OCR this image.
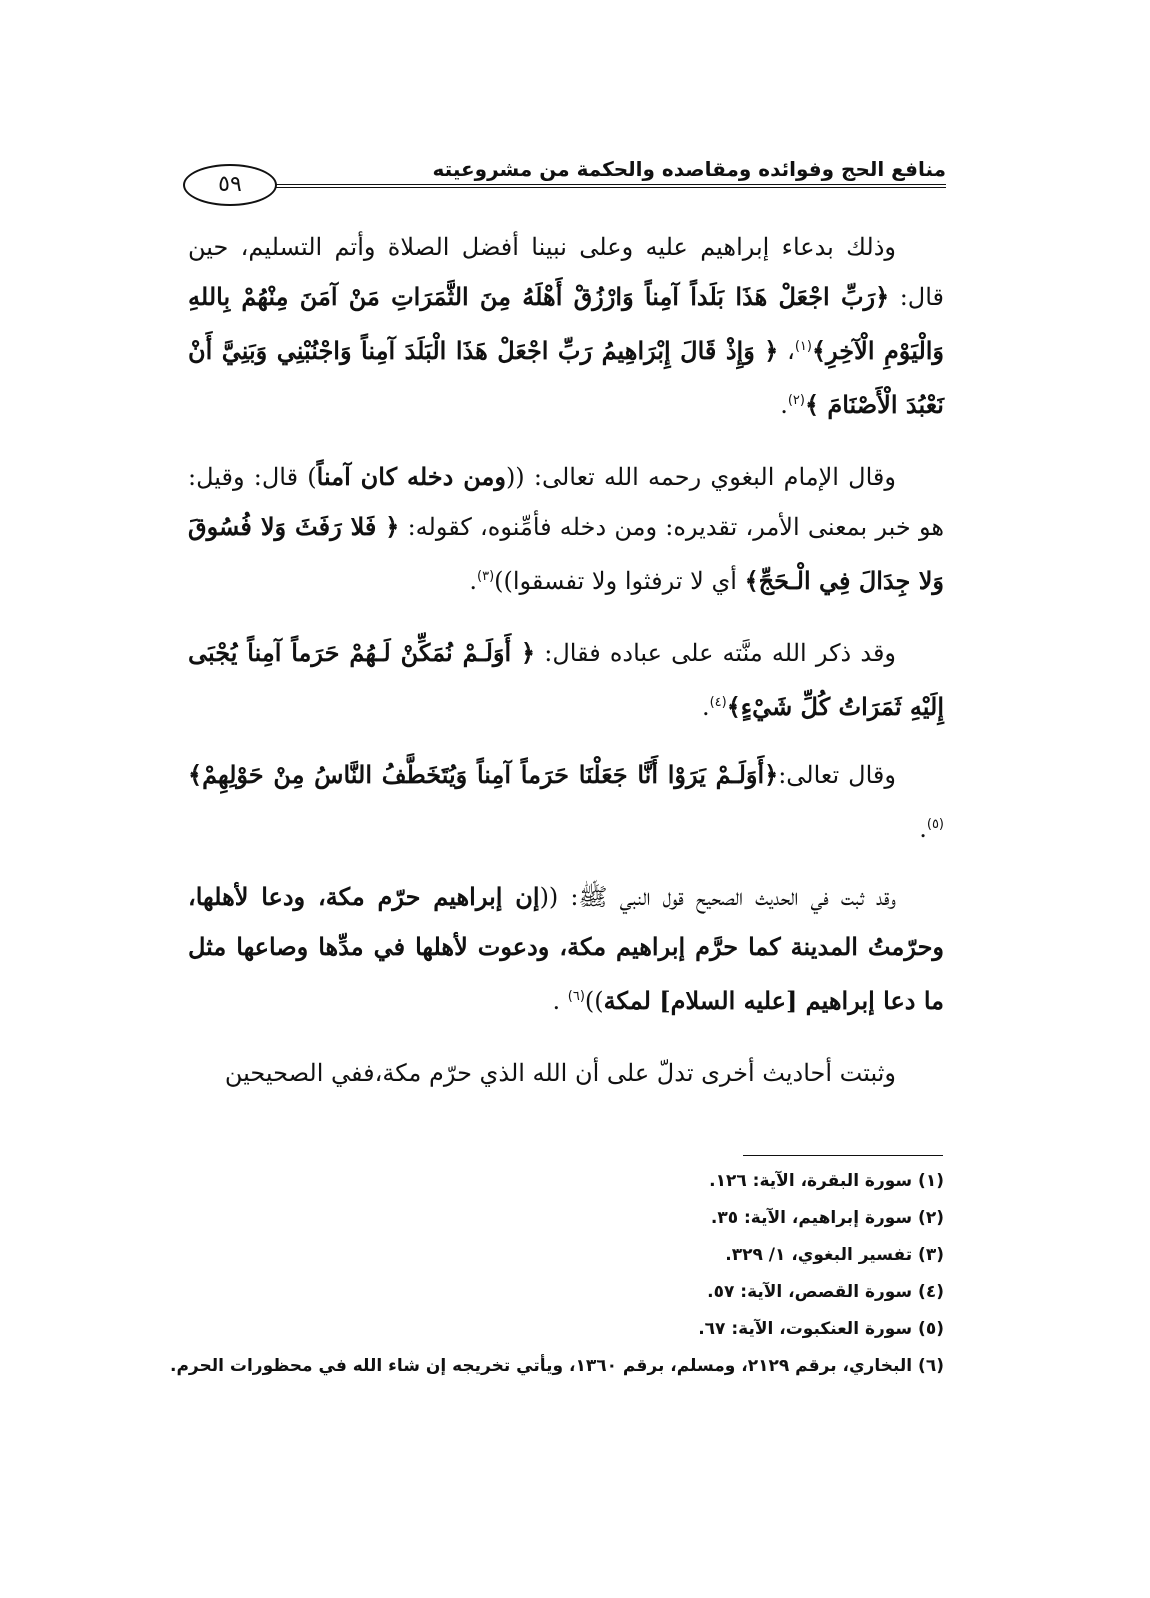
منافع الحج وفوائده ومقاصده والحكمة من مشروعيته
٥٩

وذلك بدعاء إبراهيم عليه وعلى نبينا أفضل الصلاة وأتم التسليم، حين قال: ﴿رَبِّ اجْعَلْ هَذَا بَلَداً آمِناً وَارْزُقْ أَهْلَهُ مِنَ الثَّمَرَاتِ مَنْ آمَنَ مِنْهُمْ بِاللهِ وَالْيَوْمِ الْآخِرِ﴾$^{(١)}$، ﴿ وَإِذْ قَالَ إِبْرَاهِيمُ رَبِّ اجْعَلْ هَذَا الْبَلَدَ آمِناً وَاجْنُبْنِي وَبَنِيَّ أَنْ نَعْبُدَ الْأَصْنَامَ ﴾$^{(٢)}$.

وقال الإمام البغوي رحمه الله تعالى: ((ومن دخله كان آمناً) قال: وقيل: هو خبر بمعنى الأمر، تقديره: ومن دخله فأمِّنوه، كقوله: ﴿ فَلا رَفَثَ وَلا فُسُوقَ وَلا جِدَالَ فِي الْـحَجِّ﴾ أي لا ترفثوا ولا تفسقوا))$^{(٣)}$.

وقد ذكر الله منَّته على عباده فقال: ﴿ أَوَلَـمْ نُمَكِّنْ لَـهُمْ حَرَماً آمِناً يُجْبَى إِلَيْهِ ثَمَرَاتُ كُلِّ شَيْءٍ﴾$^{(٤)}$.

وقال تعالى:﴿أَوَلَـمْ يَرَوْا أَنَّا جَعَلْنَا حَرَماً آمِناً وَيُتَخَطَّفُ النَّاسُ مِنْ حَوْلِهِمْ﴾$^{(٥)}$.

وقد ثبت في الحديث الصحيح قول النبي ﷺ: ((إن إبراهيم حرّم مكة، ودعا لأهلها، وحرّمتُ المدينة كما حرَّم إبراهيم مكة، ودعوت لأهلها في مدِّها وصاعها مثل ما دعا إبراهيم [عليه السلام] لمكة))$^{(٦)}$ .

وثبتت أحاديث أخرى تدلّ على أن الله الذي حرّم مكة،ففي الصحيحين

(١) سورة البقرة، الآية: ١٢٦.
(٢) سورة إبراهيم، الآية: ٣٥.
(٣) تفسير البغوي، ١/ ٣٢٩.
(٤) سورة القصص، الآية: ٥٧.
(٥) سورة العنكبوت، الآية: ٦٧.
(٦) البخاري، برقم ٢١٢٩، ومسلم، برقم ١٣٦٠، ويأتي تخريجه إن شاء الله في محظورات الحرم.
